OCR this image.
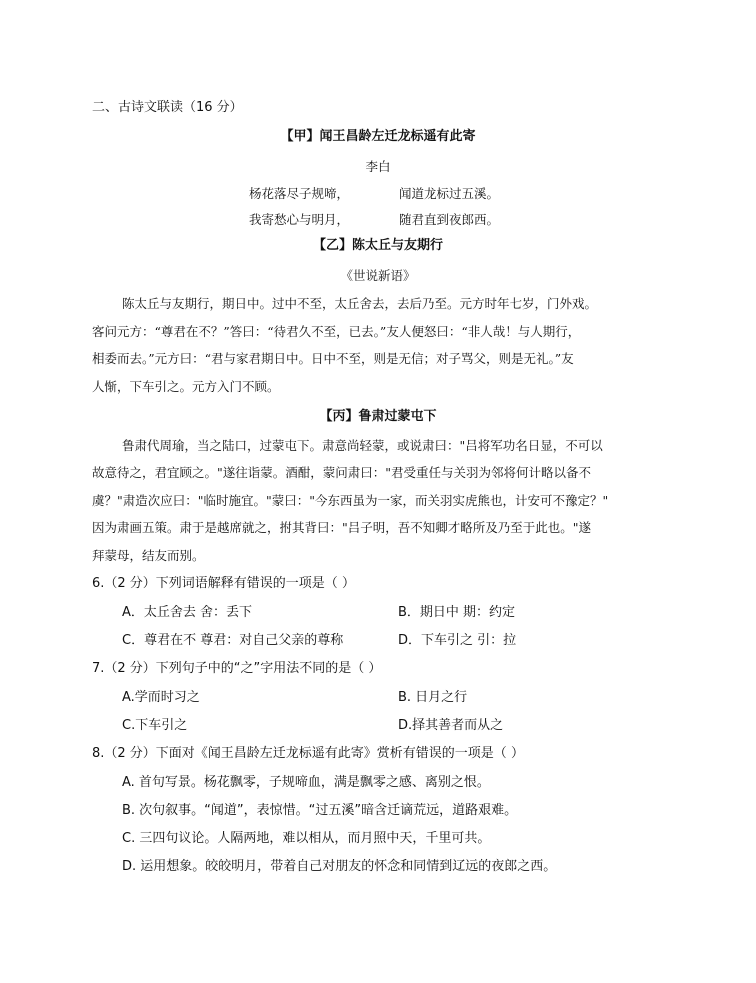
二、古诗文联读（16 分）
【甲】闻王昌龄左迁龙标遥有此寄
李白
杨花落尽子规啼，	闻道龙标过五溪。
我寄愁心与明月，	随君直到夜郎西。
【乙】陈太丘与友期行
《世说新语》
陈太丘与友期行，期日中。过中不至，太丘舍去，去后乃至。元方时年七岁，门外戏。
客问元方：“尊君在不？”答曰：“待君久不至，已去。”友人便怒曰：“非人哉！与人期行，
相委而去。”元方曰：“君与家君期日中。日中不至，则是无信；对子骂父，则是无礼。”友
人惭，下车引之。元方入门不顾。
【丙】鲁肃过蒙屯下
鲁肃代周瑜，当之陆口，过蒙屯下。肃意尚轻蒙，或说肃曰："吕将军功名日显，不可以
故意待之，君宜顾之。"遂往诣蒙。酒酣，蒙问肃曰："君受重任与关羽为邻将何计略以备不
虞？"肃造次应曰："临时施宜。"蒙曰："今东西虽为一家，而关羽实虎熊也，计安可不豫定？"
因为肃画五策。肃于是越席就之，拊其背曰："吕子明，吾不知卿才略所及乃至于此也。"遂
拜蒙母，结友而别。
6.（2 分）下列词语解释有错误的一项是（ ）
A．太丘舍去 舍：丢下	B．期日中 期：约定
C．尊君在不 尊君：对自己父亲的尊称	D．下车引之 引：拉
7.（2 分）下列句子中的“之”字用法不同的是（ ）
A.学而时习之	B. 日月之行
C.下车引之	D.择其善者而从之
8.（2 分）下面对《闻王昌龄左迁龙标遥有此寄》赏析有错误的一项是（ ）
A. 首句写景。杨花飘零，子规啼血，满是飘零之感、离别之恨。
B. 次句叙事。“闻道”，表惊惜。“过五溪”暗含迁谪荒远，道路艰难。
C. 三四句议论。人隔两地，难以相从，而月照中天，千里可共。
D. 运用想象。皎皎明月，带着自己对朋友的怀念和同情到辽远的夜郎之西。
